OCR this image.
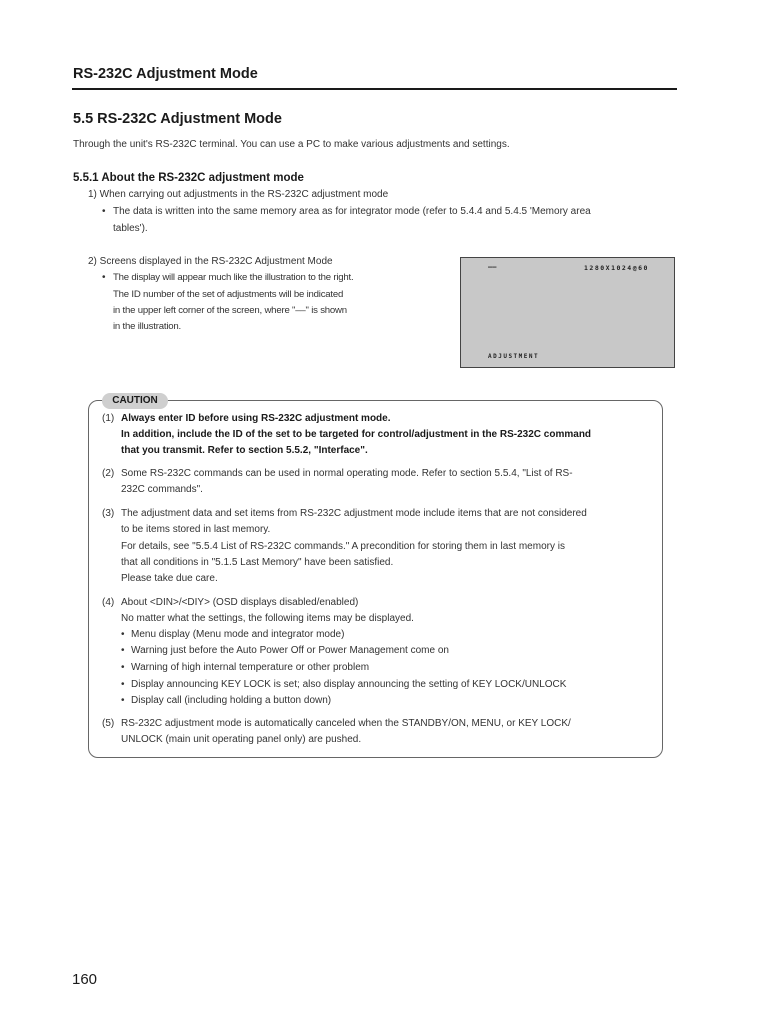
RS-232C Adjustment Mode
5.5 RS-232C Adjustment Mode
Through the unit's RS-232C terminal. You can use a PC to make various adjustments and settings.
5.5.1 About the RS-232C adjustment mode
1) When carrying out adjustments in the RS-232C adjustment mode
• The data is written into the same memory area as for integrator mode (refer to 5.4.4 and 5.4.5 'Memory area
tables').
2) Screens displayed in the RS-232C Adjustment Mode
• The display will appear much like the illustration to the right.
The ID number of the set of adjustments will be indicated
in the upper left corner of the screen, where "––" is shown
in the illustration.
––	1280X1024@60
ADJUSTMENT
CAUTION
(1) Always enter ID before using RS-232C adjustment mode.
In addition, include the ID of the set to be targeted for control/adjustment in the RS-232C command
that you transmit. Refer to section 5.5.2, "Interface".
(2) Some RS-232C commands can be used in normal operating mode. Refer to section 5.5.4, "List of RS-
232C commands".
(3) The adjustment data and set items from RS-232C adjustment mode include items that are not considered
to be items stored in last memory.
For details, see "5.5.4 List of RS-232C commands." A precondition for storing them in last memory is
that all conditions in "5.1.5 Last Memory" have been satisfied.
Please take due care.
(4) About <DIN>/<DIY> (OSD displays disabled/enabled)
No matter what the settings, the following items may be displayed.
• Menu display (Menu mode and integrator mode)
• Warning just before the Auto Power Off or Power Management come on
• Warning of high internal temperature or other problem
• Display announcing KEY LOCK is set; also display announcing the setting of KEY LOCK/UNLOCK
• Display call (including holding a button down)
(5) RS-232C adjustment mode is automatically canceled when the STANDBY/ON, MENU, or KEY LOCK/
UNLOCK (main unit operating panel only) are pushed.
160
